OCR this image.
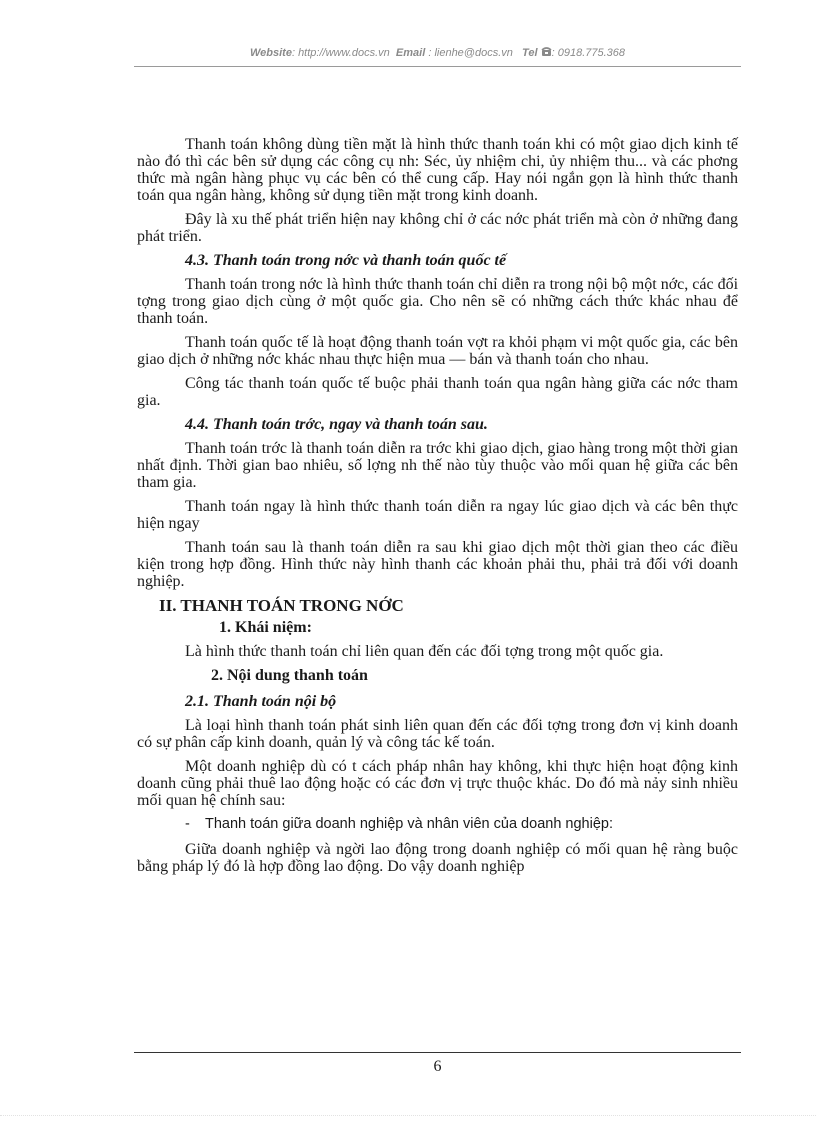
Website: http://www.docs.vn Email : lienhe@docs.vn Tel : 0918.775.368

Thanh toán không dùng tiền mặt là hình thức thanh toán khi có một giao dịch kinh tế nào đó thì các bên sử dụng các công cụ nh: Séc, ủy nhiệm chi, ủy nhiệm thu... và các phơng thức mà ngân hàng phục vụ các bên có thể cung cấp. Hay nói ngắn gọn là hình thức thanh toán qua ngân hàng, không sử dụng tiền mặt trong kinh doanh.

Đây là xu thế phát triển hiện nay không chỉ ở các nớc phát triển mà còn ở những đang phát triển.

4.3. Thanh toán trong nớc và thanh toán quốc tế

Thanh toán trong nớc là hình thức thanh toán chỉ diễn ra trong nội bộ một nớc, các đối tợng trong giao dịch cùng ở một quốc gia. Cho nên sẽ có những cách thức khác nhau để thanh toán.

Thanh toán quốc tế là hoạt động thanh toán vợt ra khỏi phạm vi một quốc gia, các bên giao dịch ở những nớc khác nhau thực hiện mua — bán và thanh toán cho nhau.

Công tác thanh toán quốc tế buộc phải thanh toán qua ngân hàng giữa các nớc tham gia.

4.4. Thanh toán trớc, ngay và thanh toán sau.

Thanh toán trớc là thanh toán diễn ra trớc khi giao dịch, giao hàng trong một thời gian nhất định. Thời gian bao nhiêu, số lợng nh thế nào tùy thuộc vào mối quan hệ giữa các bên tham gia.

Thanh toán ngay là hình thức thanh toán diễn ra ngay lúc giao dịch và các bên thực hiện ngay

Thanh toán sau là thanh toán diễn ra sau khi giao dịch một thời gian theo các điều kiện trong hợp đồng. Hình thức này hình thanh các khoản phải thu, phải trả đối với doanh nghiệp.

II. THANH TOÁN TRONG NỚC

1. Khái niệm:

Là hình thức thanh toán chỉ liên quan đến các đối tợng trong một quốc gia.

2. Nội dung thanh toán

2.1. Thanh toán nội bộ

Là loại hình thanh toán phát sinh liên quan đến các đối tợng trong đơn vị kinh doanh có sự phân cấp kinh doanh, quản lý và công tác kế toán.

Một doanh nghiệp dù có t cách pháp nhân hay không, khi thực hiện hoạt động kinh doanh cũng phải thuê lao động hoặc có các đơn vị trực thuộc khác. Do đó mà nảy sinh nhiều mối quan hệ chính sau:

- Thanh toán giữa doanh nghiệp và nhân viên của doanh nghiệp:

Giữa doanh nghiệp và ngời lao động trong doanh nghiệp có mối quan hệ ràng buộc bằng pháp lý đó là hợp đồng lao động. Do vậy doanh nghiệp

6
